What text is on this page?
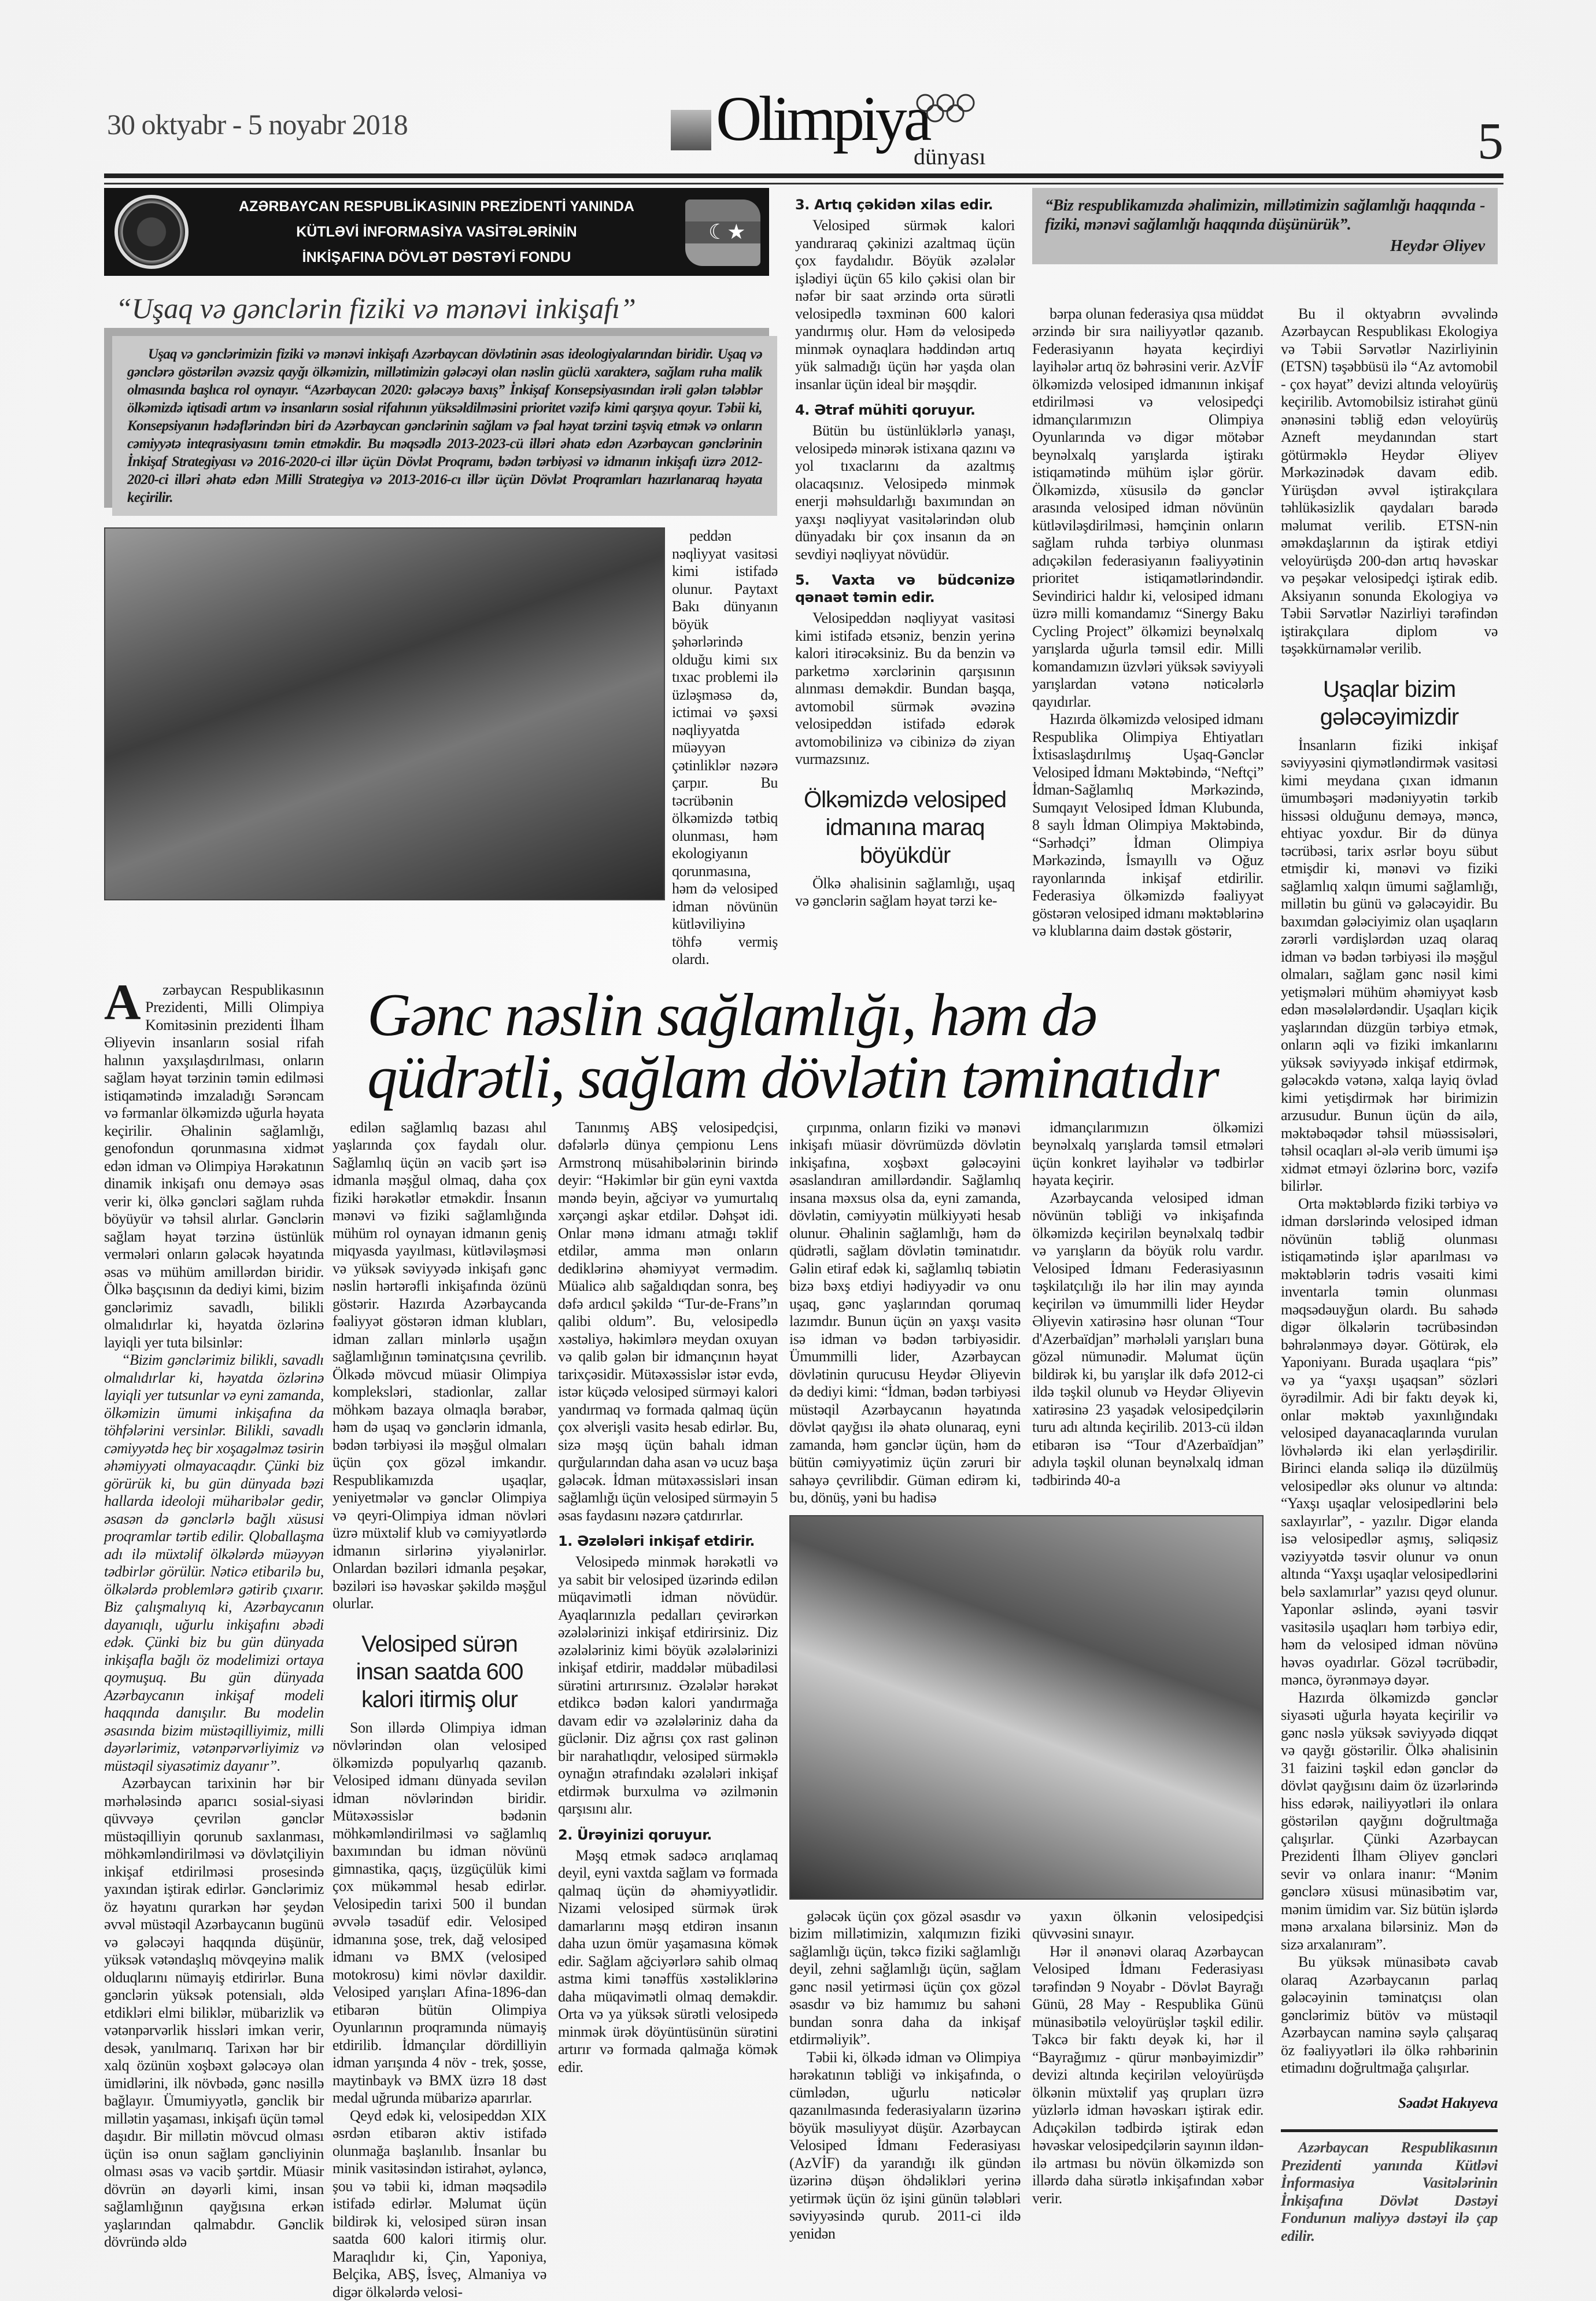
30 oktyabr - 5 noyabr 2018	Olimpiya
dünyası	5
AZƏRBAYCAN RESPUBLİKASININ PREZİDENTİ YANINDA
KÜTLƏVİ İNFORMASİYA VASİTƏLƏRİNİN
İNKİŞAFINA DÖVLƏT DƏSTƏYİ FONDU
☾★
“Uşaq və gənclərin fiziki və mənəvi inkişafı”

Uşaq və gənclərimizin fiziki və mənəvi inkişafı Azərbaycan dövlətinin əsas ideologiyalarından biridir. Uşaq və gənclərə göstərilən əvəzsiz qayğı ölkəmizin, millətimizin gələcəyi olan nəslin güclü xarakterə, sağlam ruha malik olmasında başlıca rol oynayır. “Azərbaycan 2020: gələcəyə baxış” İnkişaf Konsepsiyasından irəli gələn tələblər ölkəmizdə iqtisadi artım və insanların sosial rifahının yüksəldilməsini prioritet vəzifə kimi qarşıya qoyur. Təbii ki, Konsepsiyanın hədəflərindən biri də Azərbaycan gənclərinin sağlam və fəal həyat tərzini təşviq etmək və onların cəmiyyətə inteqrasiyasını təmin etməkdir. Bu məqsədlə 2013-2023-cü illəri əhatə edən Azərbaycan gənclərinin İnkişaf Strategiyası və 2016-2020-ci illər üçün Dövlət Proqramı, bədən tərbiyəsi və idmanın inkişafı üzrə 2012-2020-ci illəri əhatə edən Milli Strategiya və 2013-2016-cı illər üçün Dövlət Proqramları hazırlanaraq həyata keçirilir.

peddən nəqliyyat vasitəsi kimi istifadə olunur. Paytaxt Bakı dünyanın böyük şəhərlərində olduğu kimi sıx tıxac problemi ilə üzləşməsə də, ictimai və şəxsi nəqliyyatda müəyyən çətinliklər nəzərə çarpır. Bu təcrübənin ölkəmizdə tətbiq olunması, həm ekologiyanın qorunmasına, həm də velosiped idman növünün kütləviliyinə töhfə vermiş olardı.

3. Artıq çəkidən xilas edir.

Velosiped sürmək kalori yandıraraq çəkinizi azaltmaq üçün çox faydalıdır. Böyük əzələlər işlədiyi üçün 65 kilo çəkisi olan bir nəfər bir saat ərzində orta sürətli velosipedlə təxminən 600 kalori yandırmış olur. Həm də velosipedə minmək oynaqlara həddindən artıq yük salmadığı üçün hər yaşda olan insanlar üçün ideal bir məşqdir.

4. Ətraf mühiti qoruyur.

Bütün bu üstünlüklərlə yanaşı, velosipedə minərək istixana qazını və yol tıxaclarını da azaltmış olacaqsınız. Velosipedə minmək enerji məhsuldarlığı baxımından ən yaxşı nəqliyyat vasitələrindən olub dünyadakı bir çox insanın da ən sevdiyi nəqliyyat növüdür.

5. Vaxta və büdcənizə qənaət təmin edir.

Velosipeddən nəqliyyat vasitəsi kimi istifadə etsəniz, benzin yerinə kalori itirəcəksiniz. Bu da benzin və parketmə xərclərinin qarşısının alınması deməkdir. Bundan başqa, avtomobil sürmək əvəzinə velosipeddən istifadə edərək avtomobilinizə və cibinizə də ziyan vurmazsınız.

Ölkəmizdə velosiped idmanına maraq böyükdür

Ölkə əhalisinin sağlamlığı, uşaq və gənclərin sağlam həyat tərzi ke-

“Biz respublikamızda əhalimizin, millətimizin sağlamlığı haqqında - fiziki, mənəvi sağlamlığı haqqında düşünürük”.
Heydər Əliyev

bərpa olunan federasiya qısa müddət ərzində bir sıra nailiyyətlər qazanıb. Federasiyanın həyata keçirdiyi layihələr artıq öz bəhrəsini verir. AzVİF ölkəmizdə velosiped idmanının inkişaf etdirilməsi və velosipedçi idmançılarımızın Olimpiya Oyunlarında və digər mötəbər beynəlxalq yarışlarda iştirakı istiqamətində mühüm işlər görür. Ölkəmizdə, xüsusilə də gənclər arasında velosiped idman növünün kütləviləşdirilməsi, həmçinin onların sağlam ruhda tərbiyə olunması adıçəkilən federasiyanın fəaliyyətinin prioritet istiqamətlərindəndir. Sevindirici haldır ki, velosiped idmanı üzrə milli komandamız “Sinergy Baku Cycling Project” ölkəmizi beynəlxalq yarışlarda uğurla təmsil edir. Milli komandamızın üzvləri yüksək səviyyəli yarışlardan vətənə nəticələrlə qayıdırlar.

Hazırda ölkəmizdə velosiped idmanı Respublika Olimpiya Ehtiyatları İxtisaslaşdırılmış Uşaq-Gənclər Velosiped İdmanı Məktəbində, “Neftçi” İdman-Sağlamlıq Mərkəzində, Sumqayıt Velosiped İdman Klubunda, 8 saylı İdman Olimpiya Məktəbində, “Sərhədçi” İdman Olimpiya Mərkəzində, İsmayıllı və Oğuz rayonlarında inkişaf etdirilir. Federasiya ölkəmizdə fəaliyyət göstərən velosiped idmanı məktəblərinə və klublarına daim dəstək göstərir,

Bu il oktyabrın əvvəlində Azərbaycan Respublikası Ekologiya və Təbii Sərvətlər Nazirliyinin (ETSN) təşəbbüsü ilə “Az avtomobil - çox həyat” devizi altında veloyürüş keçirilib. Avtomobilsiz istirahət günü ənənəsini təbliğ edən veloyürüş Azneft meydanından start götürməklə Heydər Əliyev Mərkəzinədək davam edib. Yürüşdən əvvəl iştirakçılara təhlükəsizlik qaydaları barədə məlumat verilib. ETSN-nin əməkdaşlarının da iştirak etdiyi veloyürüşdə 200-dən artıq həvəskar və peşəkar velosipedçi iştirak edib. Aksiyanın sonunda Ekologiya və Təbii Sərvətlər Nazirliyi tərəfindən iştirakçılara diplom və təşəkkürnamələr verilib.

Uşaqlar bizim gələcəyimizdir

İnsanların fiziki inkişaf səviyyəsini qiymətləndirmək vasitəsi kimi meydana çıxan idmanın ümumbəşəri mədəniyyətin tərkib hissəsi olduğunu deməyə, məncə, ehtiyac yoxdur. Bir də dünya təcrübəsi, tarix əsrlər boyu sübut etmişdir ki, mənəvi və fiziki sağlamlıq xalqın ümumi sağlamlığı, millətin bu günü və gələcəyidir. Bu baxımdan gələciyimiz olan uşaqların zərərli vərdişlərdən uzaq olaraq idman və bədən tərbiyəsi ilə məşğul olmaları, sağlam gənc nəsil kimi yetişmələri mühüm əhəmiyyət kəsb edən məsələlərdəndir. Uşaqları kiçik yaşlarından düzgün tərbiyə etmək, onların əqli və fiziki imkanlarını yüksək səviyyədə inkişaf etdirmək, gələcəkdə vətənə, xalqa layiq övlad kimi yetişdirmək hər birimizin arzusudur. Bunun üçün də ailə, məktəbəqədər təhsil müəssisələri, təhsil ocaqları əl-ələ verib ümumi işə xidmət etməyi özlərinə borc, vəzifə bilirlər.

Orta məktəblərdə fiziki tərbiyə və idman dərslərində velosiped idman növünün təbliğ olunması istiqamətində işlər aparılması və məktəblərin tədris vəsaiti kimi inventarla təmin olunması məqsədəuyğun olardı. Bu sahədə digər ölkələrin təcrübəsindən bəhrələnməyə dəyər. Götürək, elə Yaponiyanı. Burada uşaqlara “pis” və ya “yaxşı uşaqsan” sözləri öyrədilmir. Adi bir faktı deyək ki, onlar məktəb yaxınlığındakı velosiped dayanacaqlarında vurulan lövhələrdə iki elan yerləşdirilir. Birinci elanda səliqə ilə düzülmüş velosipedlər əks olunur və altında: “Yaxşı uşaqlar velosipedlərini belə saxlayırlar”, - yazılır. Digər elanda isə velosipedlər aşmış, səliqəsiz vəziyyətdə təsvir olunur və onun altında “Yaxşı uşaqlar velosipedlərini belə saxlamırlar” yazısı qeyd olunur. Yaponlar əslində, əyani təsvir vasitəsilə uşaqları həm tərbiyə edir, həm də velosiped idman növünə həvəs oyadırlar. Gözəl təcrübədir, məncə, öyrənməyə dəyər.

Hazırda ölkəmizdə gənclər siyasəti uğurla həyata keçirilir və gənc nəslə yüksək səviyyədə diqqət və qayğı göstərilir. Ölkə əhalisinin 31 faizini təşkil edən gənclər də dövlət qayğısını daim öz üzərlərində hiss edərək, nailiyyətləri ilə onlara göstərilən qayğını doğrultmağa çalışırlar. Çünki Azərbaycan Prezidenti İlham Əliyev gəncləri sevir və onlara inanır: “Mənim gənclərə xüsusi münasibətim var, mənim ümidim var. Siz bütün işlərdə mənə arxalana bilərsiniz. Mən də sizə arxalanıram”.

Bu yüksək münasibətə cavab olaraq Azərbaycanın parlaq gələcəyinin təminatçısı olan gənclərimiz bütöv və müstəqil Azərbaycan naminə səylə çalışaraq öz fəaliyyətləri ilə ölkə rəhbərinin etimadını doğrultmağa çalışırlar.

Səadət Hakıyeva

Azərbaycan Respublikasının Prezidenti yanında Kütləvi İnformasiya Vasitələrinin İnkişafına Dövlət Dəstəyi Fondunun maliyyə dəstəyi ilə çap edilir.

Azərbaycan Respublikasının Prezidenti, Milli Olimpiya Komitəsinin prezidenti İlham Əliyevin insanların sosial rifah halının yaxşılaşdırılması, onların sağlam həyat tərzinin təmin edilməsi istiqamətində imzaladığı Sərəncam və fərmanlar ölkəmizdə uğurla həyata keçirilir. Əhalinin sağlamlığı, genofondun qorunmasına xidmət edən idman və Olimpiya Hərəkatının dinamik inkişafı onu deməyə əsas verir ki, ölkə gəncləri sağlam ruhda böyüyür və təhsil alırlar. Gənclərin sağlam həyat tərzinə üstünlük vermələri onların gələcək həyatında əsas və mühüm amillərdən biridir. Ölkə başçısının da dediyi kimi, bizim gənclərimiz savadlı, bilikli olmalıdırlar ki, həyatda özlərinə layiqli yer tuta bilsinlər:

“Bizim gənclərimiz bilikli, savadlı olmalıdırlar ki, həyatda özlərinə layiqli yer tutsunlar və eyni zamanda, ölkəmizin ümumi inkişafına da töhfələrini versinlər. Bilikli, savadlı cəmiyyətdə heç bir xoşagəlməz təsirin əhəmiyyəti olmayacaqdır. Çünki biz görürük ki, bu gün dünyada bəzi hallarda ideoloji müharibələr gedir, əsasən də gənclərlə bağlı xüsusi proqramlar tərtib edilir. Qloballaşma adı ilə müxtəlif ölkələrdə müəyyən tədbirlər görülür. Nəticə etibarilə bu, ölkələrdə problemlərə gətirib çıxarır. Biz çalışmalıyıq ki, Azərbaycanın dayanıqlı, uğurlu inkişafını əbədi edək. Çünki biz bu gün dünyada inkişafla bağlı öz modelimizi ortaya qoymuşuq. Bu gün dünyada Azərbaycanın inkişaf modeli haqqında danışılır. Bu modelin əsasında bizim müstəqilliyimiz, milli dəyərlərimiz, vətənpərvərliyimiz və müstəqil siyasətimiz dayanır”.

Azərbaycan tarixinin hər bir mərhələsində aparıcı sosial-siyasi qüvvəyə çevrilən gənclər müstəqilliyin qorunub saxlanması, möhkəmləndirilməsi və dövlətçiliyin inkişaf etdirilməsi prosesində yaxından iştirak edirlər. Gənclərimiz öz həyatını qurarkən hər şeydən əvvəl müstəqil Azərbaycanın bugünü və gələcəyi haqqında düşünür, yüksək vətəndaşlıq mövqeyinə malik olduqlarını nümayiş etdirirlər. Buna gənclərin yüksək potensialı, əldə etdikləri elmi biliklər, mübarizlik və vətənpərvərlik hissləri imkan verir, desək, yanılmarıq. Tarixən hər bir xalq özünün xoşbəxt gələcəyə olan ümidlərini, ilk növbədə, gənc nəsillə bağlayır. Ümumiyyətlə, gənclik bir millətin yaşaması, inkişafı üçün təməl daşıdır. Bir millətin mövcud olması üçün isə onun sağlam gəncliyinin olması əsas və vacib şərtdir. Müasir dövrün ən dəyərli kimi, insan sağlamlığının qayğısına erkən yaşlarından qalmabdır. Gənclik dövründə əldə

Gənc nəslin sağlamlığı, həm də
qüdrətli, sağlam dövlətin təminatıdır

edilən sağlamlıq bazası ahıl yaşlarında çox faydalı olur. Sağlamlıq üçün ən vacib şərt isə idmanla məşğul olmaq, daha çox fiziki hərəkətlər etməkdir. İnsanın mənəvi və fiziki sağlamlığında mühüm rol oynayan idmanın geniş miqyasda yayılması, kütləviləşməsi və yüksək səviyyədə inkişafı gənc nəslin hərtərəfli inkişafında özünü göstərir. Hazırda Azərbaycanda fəaliyyət göstərən idman klubları, idman zalları minlərlə uşağın sağlamlığının təminatçısına çevrilib. Ölkədə mövcud müasir Olimpiya kompleksləri, stadionlar, zallar möhkəm bazaya olmaqla bərabər, həm də uşaq və gənclərin idmanla, bədən tərbiyəsi ilə məşğul olmaları üçün çox gözəl imkandır. Respublikamızda uşaqlar, yeniyetmələr və gənclər Olimpiya və qeyri-Olimpiya idman növləri üzrə müxtəlif klub və cəmiyyətlərdə idmanın sirlərinə yiyələnirlər. Onlardan bəziləri idmanla peşəkar, bəziləri isə həvəskar şəkildə məşğul olurlar.

Velosiped sürən insan saatda 600 kalori itirmiş olur

Son illərdə Olimpiya idman növlərindən olan velosiped ölkəmizdə populyarlıq qazanıb. Velosiped idmanı dünyada sevilən idman növlərindən biridir. Mütəxəssislər bədənin möhkəmləndirilməsi və sağlamlıq baxımından bu idman növünü gimnastika, qaçış, üzgüçülük kimi çox mükəmməl hesab edirlər. Velosipedin tarixi 500 il bundan əvvələ təsadüf edir. Velosiped idmanına şose, trek, dağ velosiped idmanı və BMX (velosiped motokrosu) kimi növlər daxildir. Velosiped yarışları Afina-1896-dan etibarən bütün Olimpiya Oyunlarının proqramında nümayiş etdirilib. İdmançılar dördilliyin idman yarışında 4 növ - trek, şosse, maytinbayk və BMX üzrə 18 dəst medal uğrunda mübarizə aparırlar.

Qeyd edək ki, velosipeddən XIX əsrdən etibarən aktiv istifadə olunmağa başlanılıb. İnsanlar bu minik vasitəsindən istirahət, əyləncə, şou və təbii ki, idman məqsədilə istifadə edirlər. Məlumat üçün bildirək ki, velosiped sürən insan saatda 600 kalori itirmiş olur. Maraqlıdır ki, Çin, Yaponiya, Belçika, ABŞ, İsveç, Almaniya və digər ölkələrdə velosi-

Tanınmış ABŞ velosipedçisi, dəfələrlə dünya çempionu Lens Armstronq müsahibələrinin birində deyir: “Həkimlər bir gün eyni vaxtda məndə beyin, ağciyər və yumurtalıq xərçəngi aşkar etdilər. Dəhşət idi. Onlar mənə idmanı atmağı təklif etdilər, amma mən onların dediklərinə əhəmiyyət vermədim. Müalicə alıb sağaldıqdan sonra, beş dəfə ardıcıl şəkildə “Tur-de-Frans”ın qalibi oldum”. Bu, velosipedlə xəstəliyə, həkimlərə meydan oxuyan və qalib gələn bir idmançının həyat tarixçəsidir. Mütəxəssislər istər evdə, istər küçədə velosiped sürməyi kalori yandırmaq və formada qalmaq üçün çox əlverişli vasitə hesab edirlər. Bu, sizə məşq üçün bahalı idman qurğularından daha asan və ucuz başa gələcək. İdman mütəxəssisləri insan sağlamlığı üçün velosiped sürməyin 5 əsas faydasını nəzərə çatdırırlar.

1. Əzələləri inkişaf etdirir.

Velosipedə minmək hərəkətli və ya sabit bir velosiped üzərində edilən müqavimətli idman növüdür. Ayaqlarınızla pedalları çevirərkən əzələlərinizi inkişaf etdirirsiniz. Diz əzələləriniz kimi böyük əzələlərinizi inkişaf etdirir, maddələr mübadiləsi sürətini artırırsınız. Əzələlər hərəkət etdikcə bədən kalori yandırmağa davam edir və əzələləriniz daha da güclənir. Diz ağrısı çox rast gəlinən bir narahatlıqdır, velosiped sürməklə oynağın ətrafındakı əzələləri inkişaf etdirmək burxulma və əzilmənin qarşısını alır.

2. Ürəyinizi qoruyur.

Məşq etmək sadəcə arıqlamaq deyil, eyni vaxtda sağlam və formada qalmaq üçün də əhəmiyyətlidir. Nizami velosiped sürmək ürək damarlarını məşq etdirən insanın daha uzun ömür yaşamasına kömək edir. Sağlam ağciyərlərə sahib olmaq astma kimi tənəffüs xəstəliklərinə daha müqavimətli olmaq deməkdir. Orta və ya yüksək sürətli velosipedə minmək ürək döyüntüsünün sürətini artırır və formada qalmağa kömək edir.

çırpınma, onların fiziki və mənəvi inkişafı müasir dövrümüzdə dövlətin inkişafına, xoşbəxt gələcəyini əsaslandıran amillərdəndir. Sağlamlıq insana məxsus olsa da, eyni zamanda, dövlətin, cəmiyyətin mülkiyyəti hesab olunur. Əhalinin sağlamlığı, həm də qüdrətli, sağlam dövlətin təminatıdır. Gəlin etiraf edək ki, sağlamlıq təbiətin bizə bəxş etdiyi hədiyyədir və onu uşaq, gənc yaşlarından qorumaq lazımdır. Bunun üçün ən yaxşı vasitə isə idman və bədən tərbiyəsidir. Ümummilli lider, Azərbaycan dövlətinin qurucusu Heydər Əliyevin də dediyi kimi: “İdman, bədən tərbiyəsi müstəqil Azərbaycanın həyatında dövlət qayğısı ilə əhatə olunaraq, eyni zamanda, həm gənclər üçün, həm də bütün cəmiyyətimiz üçün zəruri bir sahəyə çevrilibdir. Güman edirəm ki, bu, dönüş, yəni bu hadisə

idmançılarımızın ölkəmizi beynəlxalq yarışlarda təmsil etmələri üçün konkret layihələr və tədbirlər həyata keçirir.

Azərbaycanda velosiped idman növünün təbliği və inkişafında ölkəmizdə keçirilən beynəlxalq tədbir və yarışların da böyük rolu vardır. Velosiped İdmanı Federasiyasının təşkilatçılığı ilə hər ilin may ayında keçirilən və ümummilli lider Heydər Əliyevin xatirəsinə həsr olunan “Tour d'Azerbaïdjan” mərhələli yarışları buna gözəl nümunədir. Məlumat üçün bildirək ki, bu yarışlar ilk dəfə 2012-ci ildə təşkil olunub və Heydər Əliyevin xatirəsinə 23 yaşadək velosipedçilərin turu adı altında keçirilib. 2013-cü ildən etibarən isə “Tour d'Azerbaïdjan” adıyla təşkil olunan beynəlxalq idman tədbirində 40-a

gələcək üçün çox gözəl əsasdır və bizim millətimizin, xalqımızın fiziki sağlamlığı üçün, təkcə fiziki sağlamlığı deyil, zehni sağlamlığı üçün, sağlam gənc nəsil yetirməsi üçün çox gözəl əsasdır və biz hamımız bu sahəni bundan sonra daha da inkişaf etdirməliyik”.

Təbii ki, ölkədə idman və Olimpiya hərəkatının təbliği və inkişafında, o cümlədən, uğurlu nəticələr qazanılmasında federasiyaların üzərinə böyük məsuliyyət düşür. Azərbaycan Velosiped İdmanı Federasiyası (AzVİF) da yarandığı ilk gündən üzərinə düşən öhdəlikləri yerinə yetirmək üçün öz işini günün tələbləri səviyyəsində qurub. 2011-ci ildə yenidən

yaxın ölkənin velosipedçisi qüvvəsini sınayır.

Hər il ənənəvi olaraq Azərbaycan Velosiped İdmanı Federasiyası tərəfindən 9 Noyabr - Dövlət Bayrağı Günü, 28 May - Respublika Günü münasibətilə veloyürüşlər təşkil edilir. Təkcə bir faktı deyək ki, hər il “Bayrağımız - qürur mənbəyimizdir” devizi altında keçirilən veloyürüşdə ölkənin müxtəlif yaş qrupları üzrə yüzlərlə idman həvəskarı iştirak edir. Adıçəkilən tədbirdə iştirak edən həvəskar velosipedçilərin sayının ildən-ilə artması bu növün ölkəmizdə son illərdə daha sürətlə inkişafından xəbər verir.
